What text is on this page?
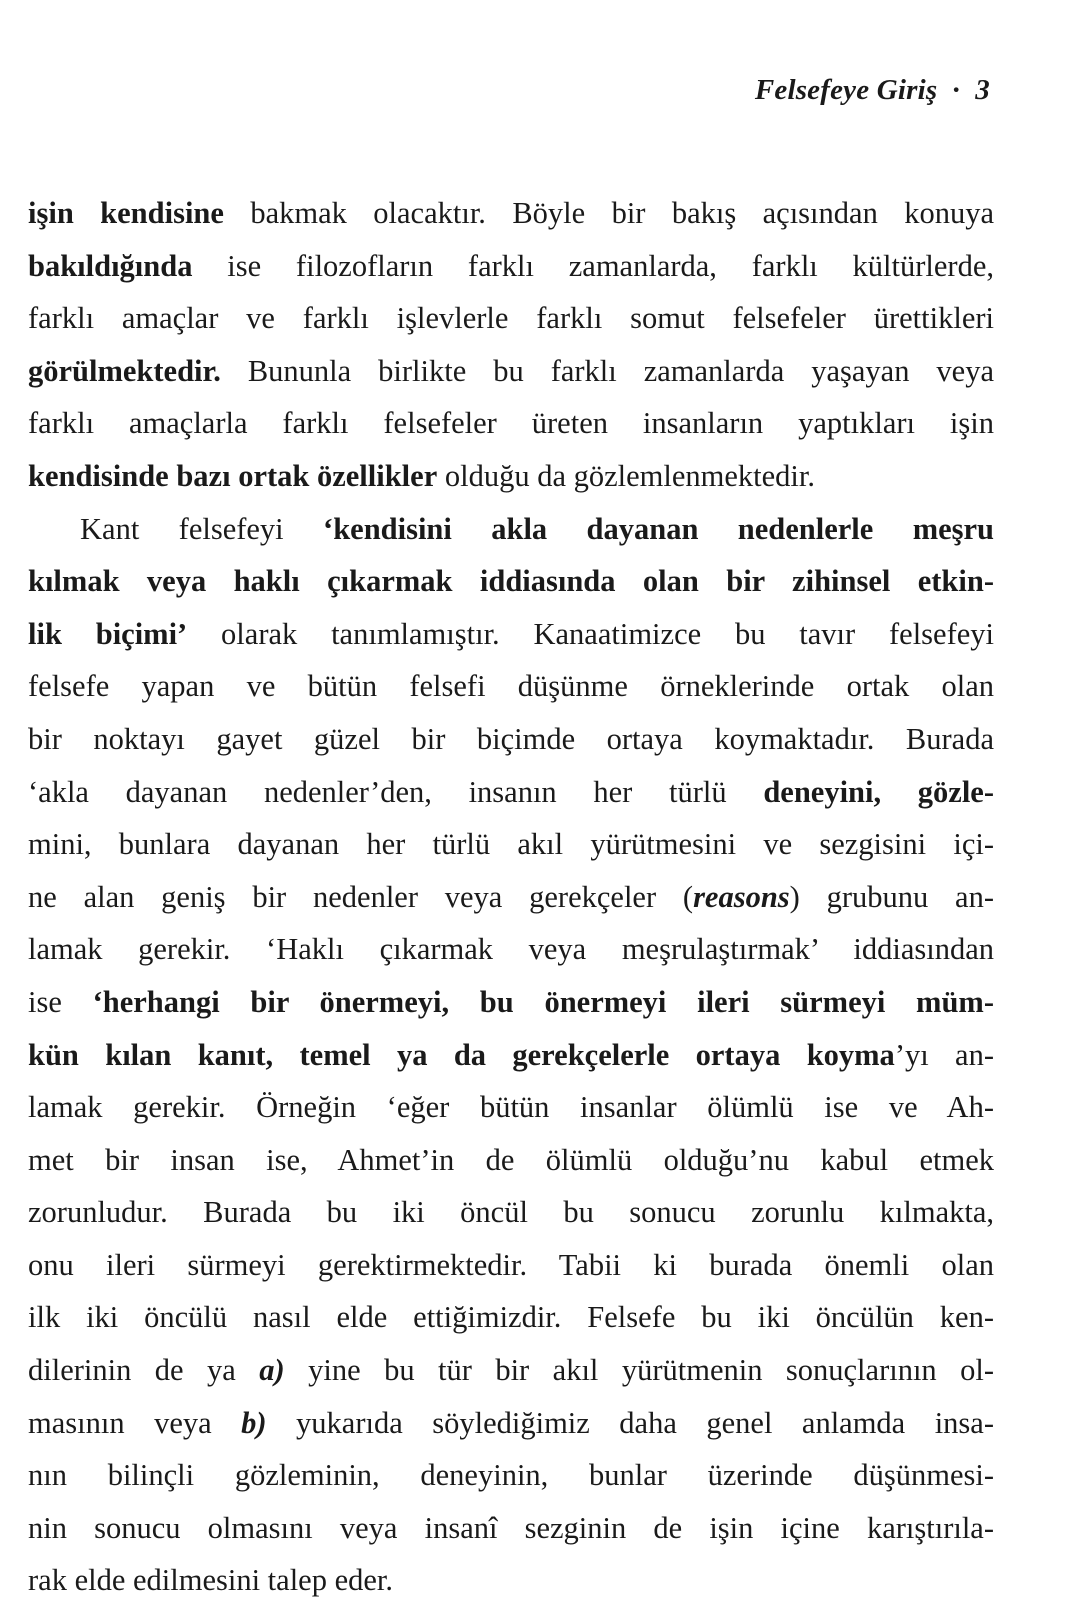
Felsefeye Giriş · 3
işin kendisine bakmak olacaktır. Böyle bir bakış açısından konuya
bakıldığında ise filozofların farklı zamanlarda, farklı kültürlerde,
farklı amaçlar ve farklı işlevlerle farklı somut felsefeler ürettikleri
görülmektedir. Bununla birlikte bu farklı zamanlarda yaşayan veya
farklı amaçlarla farklı felsefeler üreten insanların yaptıkları işin
kendisinde bazı ortak özellikler olduğu da gözlemlenmektedir.
Kant felsefeyi ‘kendisini akla dayanan nedenlerle meşru
kılmak veya haklı çıkarmak iddiasında olan bir zihinsel etkin-
lik biçimi’ olarak tanımlamıştır. Kanaatimizce bu tavır felsefeyi
felsefe yapan ve bütün felsefi düşünme örneklerinde ortak olan
bir noktayı gayet güzel bir biçimde ortaya koymaktadır. Burada
‘akla dayanan nedenler’den, insanın her türlü deneyini, gözle-
mini, bunlara dayanan her türlü akıl yürütmesini ve sezgisini içi-
ne alan geniş bir nedenler veya gerekçeler (reasons) grubunu an-
lamak gerekir. ‘Haklı çıkarmak veya meşrulaştırmak’ iddiasından
ise ‘herhangi bir önermeyi, bu önermeyi ileri sürmeyi müm-
kün kılan kanıt, temel ya da gerekçelerle ortaya koyma’yı an-
lamak gerekir. Örneğin ‘eğer bütün insanlar ölümlü ise ve Ah-
met bir insan ise, Ahmet’in de ölümlü olduğu’nu kabul etmek
zorunludur. Burada bu iki öncül bu sonucu zorunlu kılmakta,
onu ileri sürmeyi gerektirmektedir. Tabii ki burada önemli olan
ilk iki öncülü nasıl elde ettiğimizdir. Felsefe bu iki öncülün ken-
dilerinin de ya a) yine bu tür bir akıl yürütmenin sonuçlarının ol-
masının veya b) yukarıda söylediğimiz daha genel anlamda insa-
nın bilinçli gözleminin, deneyinin, bunlar üzerinde düşünmesi-
nin sonucu olmasını veya insanî sezginin de işin içine karıştırıla-
rak elde edilmesini talep eder.
